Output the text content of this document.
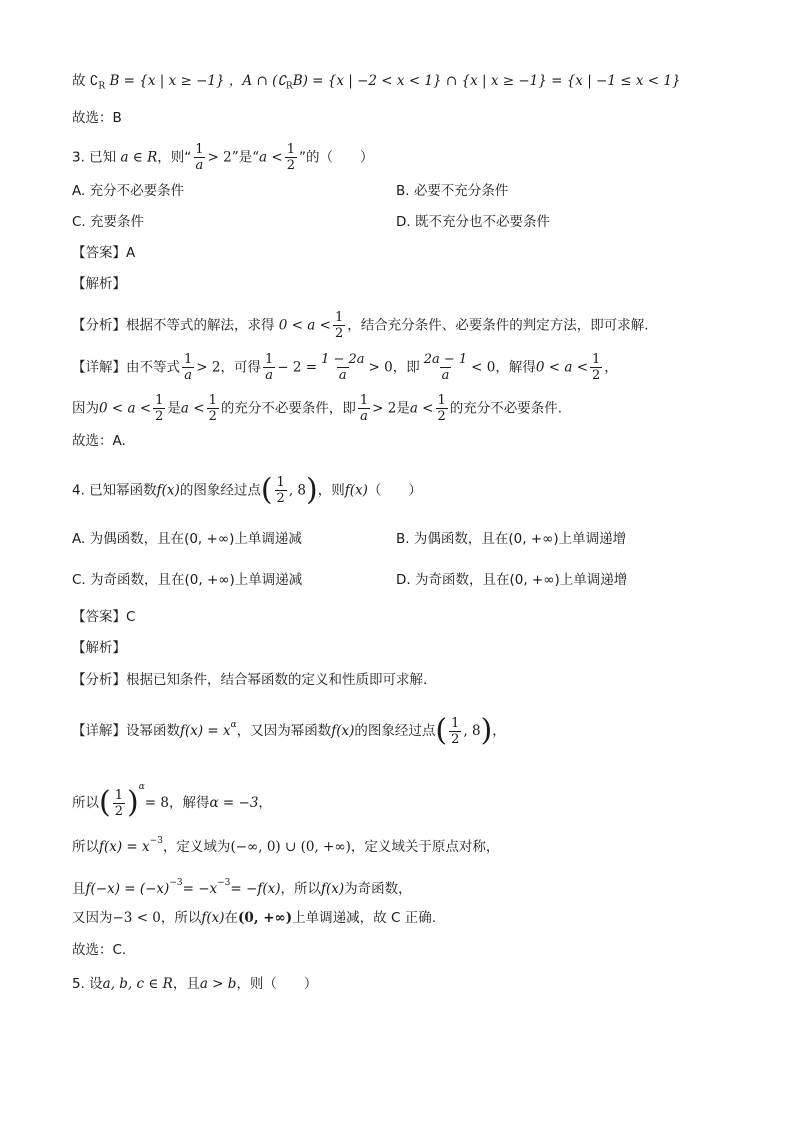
故 $∁_R$ B = {x | x ≥ −1} ，A ∩ $(∁_RB) = \{x$ | −2 < x < 1} ∩ {x | x ≥ −1} = {x | −1 ≤ x < 1}
故选：B
3. 已知 a ∈ R，则“ $\frac{1}{a} > 2$”是“$a < \frac{1}{2}$ ”的（　　）
A. 充分不必要条件	B. 必要不充分条件
C. 充要条件	D. 既不充分也不必要条件
【答案】A
【解析】
【分析】根据不等式的解法，求得 $0 < a < \frac{1}{2}$ ，结合充分条件、必要条件的判定方法，即可求解.
【详解】由不等式 $\frac{1}{a} > 2$，可得 $\frac{1}{a} - 2 = \frac{1 - 2a}{a} > 0$，即 $\frac{2a - 1}{a} < 0$，解得$0 < a < \frac{1}{2}$ ，
因为$0 < a < \frac{1}{2}$ 是$a < \frac{1}{2}$ 的充分不必要条件，即 $\frac{1}{a} > 2$是$a < \frac{1}{2}$ 的充分不必要条件.
故选：A.
4. 已知幂函数f(x)的图象经过点( $\frac{1}{2}$ , 8)，则f(x)（　　）
A. 为偶函数，且在(0, +∞)上单调递减	B. 为偶函数，且在(0, +∞)上单调递增
C. 为奇函数，且在(0, +∞)上单调递减	D. 为奇函数，且在(0, +∞)上单调递增
【答案】C
【解析】
【分析】根据已知条件，结合幂函数的定义和性质即可求解.
【详解】设幂函数$f(x) = x^\alpha$，又因为幂函数f(x)的图象经过点( $\frac{1}{2}$ , 8)，
所以( $\frac{1}{2} )^\alpha= 8$，解得α = −3，
所以$f(x) = x^{-3}$，定义域为(−∞, 0) ∪ (0, +∞)，定义域关于原点对称，
且$f(-x) = (-x)^{-3}= -x^{-3}= -f(x)$，所以f(x)为奇函数，
又因为−3 < 0，所以f(x)在(0, +∞)上单调递减，故 C 正确.
故选：C.
5. 设a, b, c ∈ R，且a > b，则（　　）
